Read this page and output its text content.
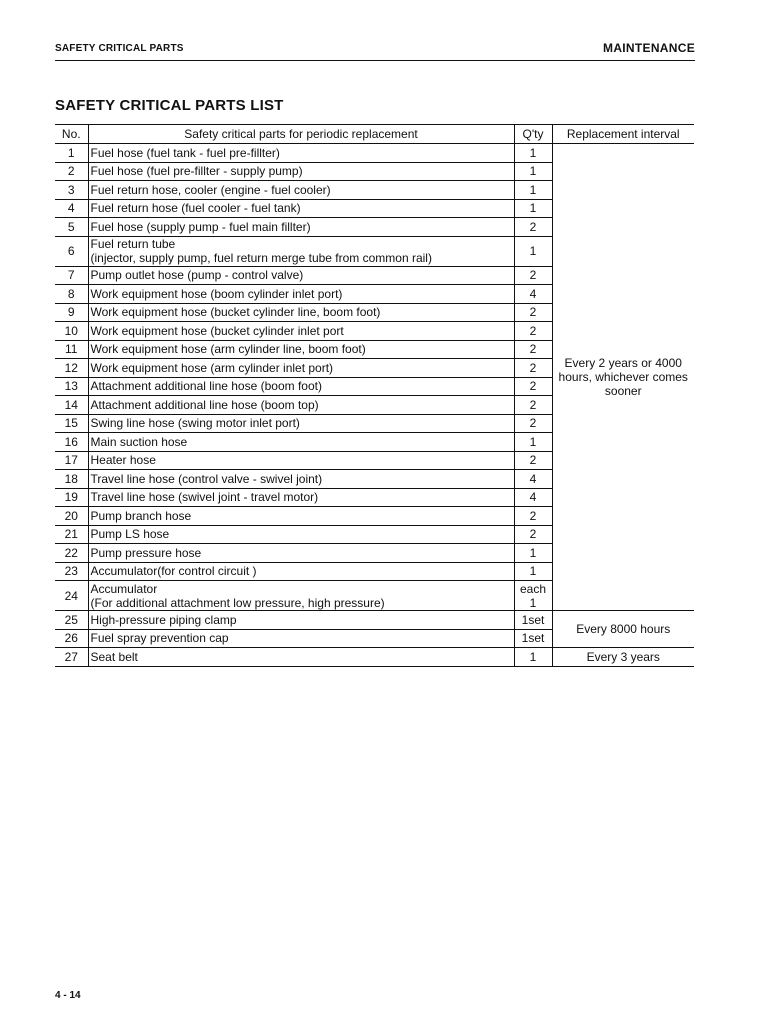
SAFETY CRITICAL PARTS	MAINTENANCE
SAFETY CRITICAL PARTS LIST
No.	Safety critical parts for periodic replacement	Q'ty	Replacement interval
1	Fuel hose (fuel tank - fuel pre-fillter)	1	Every 2 years or 4000 hours, whichever comes sooner
2	Fuel hose (fuel pre-fillter - supply pump)	1	
3	Fuel return hose, cooler (engine - fuel cooler)	1	
4	Fuel return hose (fuel cooler - fuel tank)	1	
5	Fuel hose (supply pump - fuel main fillter)	2	
6	Fuel return tube
(injector, supply pump, fuel return merge tube from common rail)	1	
7	Pump outlet hose (pump - control valve)	2	
8	Work equipment hose (boom cylinder inlet port)	4	
9	Work equipment hose (bucket cylinder line, boom foot)	2	
10	Work equipment hose (bucket cylinder inlet port	2	
11	Work equipment hose (arm cylinder line, boom foot)	2	
12	Work equipment hose (arm cylinder inlet port)	2	
13	Attachment additional line hose (boom foot)	2	
14	Attachment additional line hose (boom top)	2	
15	Swing line hose (swing motor inlet port)	2	
16	Main suction hose	1	
17	Heater hose	2	
18	Travel line hose (control valve - swivel joint)	4	
19	Travel line hose (swivel joint - travel motor)	4	
20	Pump branch hose	2	
21	Pump LS hose	2	
22	Pump pressure hose	1	
23	Accumulator(for control circuit )	1	
24	Accumulator
(For additional attachment low pressure, high pressure)	each
1	
25	High-pressure piping clamp	1set	Every 8000 hours
26	Fuel spray prevention cap	1set	
27	Seat belt	1	Every 3 years
4 - 14
